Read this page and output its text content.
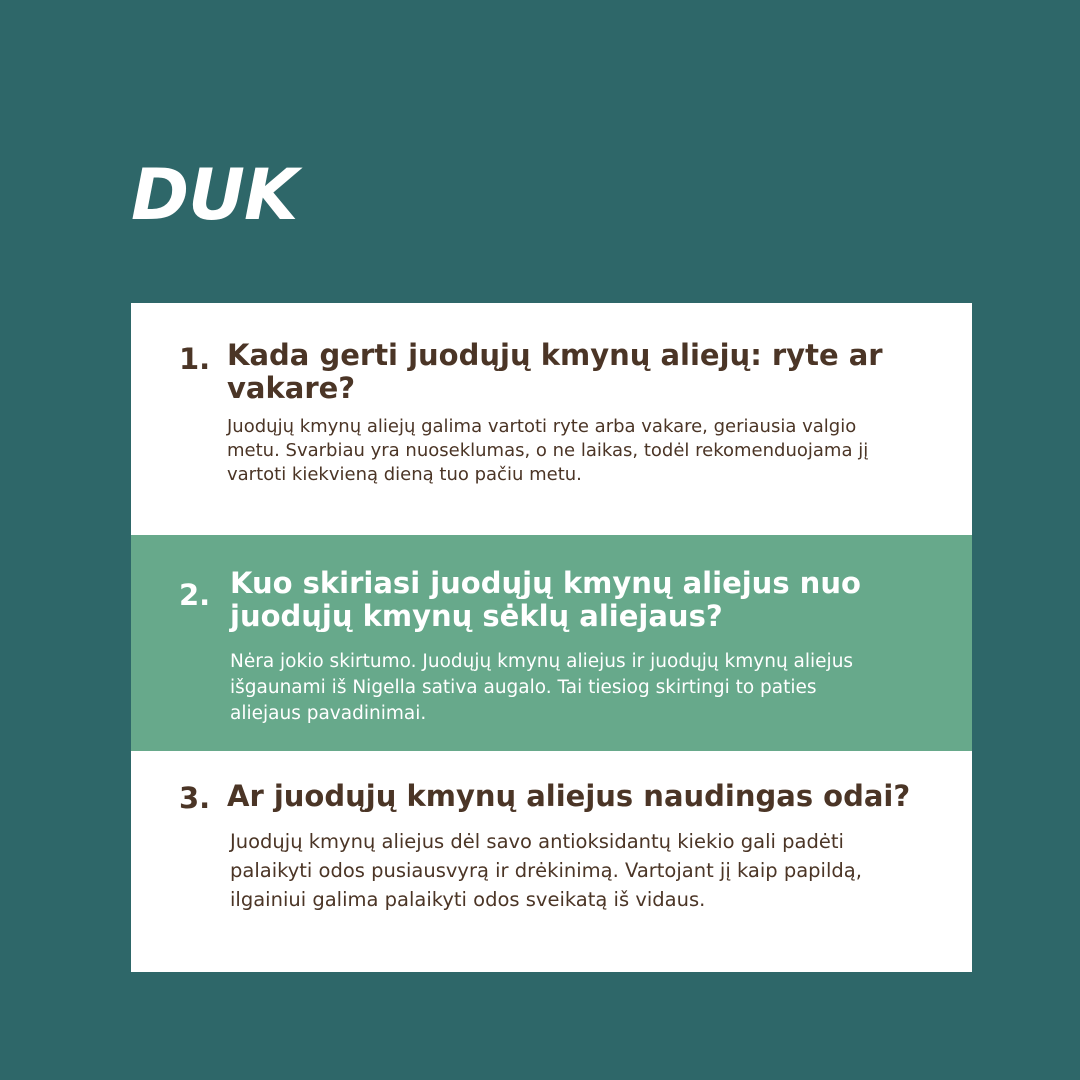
DUK
1. Kada gerti juodųjų kmynų aliejų: ryte ar vakare?

Juodųjų kmynų aliejų galima vartoti ryte arba vakare, geriausia valgio metu. Svarbiau yra nuoseklumas, o ne laikas, todėl rekomenduojama jį vartoti kiekvieną dieną tuo pačiu metu.

2. Kuo skiriasi juodųjų kmynų aliejus nuo juodųjų kmynų sėklų aliejaus?

Nėra jokio skirtumo. Juodųjų kmynų aliejus ir juodųjų kmynų aliejus išgaunami iš Nigella sativa augalo. Tai tiesiog skirtingi to paties aliejaus pavadinimai.

3. Ar juodųjų kmynų aliejus naudingas odai?

Juodųjų kmynų aliejus dėl savo antioksidantų kiekio gali padėti palaikyti odos pusiausvyrą ir drėkinimą. Vartojant jį kaip papildą, ilgainiui galima palaikyti odos sveikatą iš vidaus.
